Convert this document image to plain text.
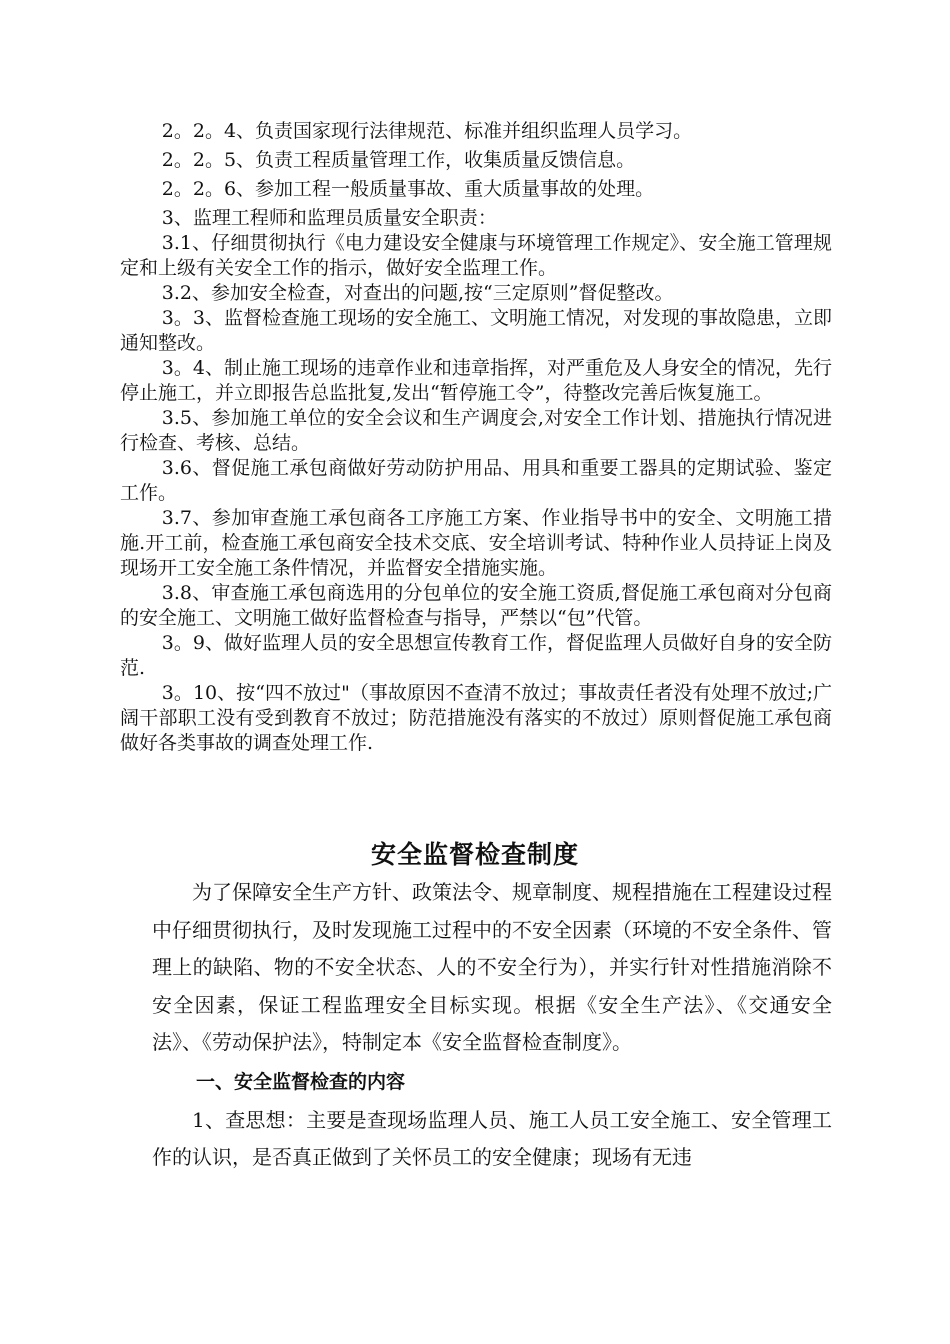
2。2。4、负责国家现行法律规范、标准并组织监理人员学习。

2。2。5、负责工程质量管理工作，收集质量反馈信息。

2。2。6、参加工程一般质量事故、重大质量事故的处理。

3、监理工程师和监理员质量安全职责：

3.1、仔细贯彻执行《电力建设安全健康与环境管理工作规定》、安全施工管理规定和上级有关安全工作的指示，做好安全监理工作。

3.2、参加安全检查，对查出的问题,按“三定原则”督促整改。

3。3、监督检查施工现场的安全施工、文明施工情况，对发现的事故隐患，立即通知整改。

3。4、制止施工现场的违章作业和违章指挥，对严重危及人身安全的情况，先行停止施工，并立即报告总监批复,发出“暂停施工令”，待整改完善后恢复施工。

3.5、参加施工单位的安全会议和生产调度会,对安全工作计划、措施执行情况进行检查、考核、总结。

3.6、督促施工承包商做好劳动防护用品、用具和重要工器具的定期试验、鉴定工作。

3.7、参加审查施工承包商各工序施工方案、作业指导书中的安全、文明施工措施.开工前，检查施工承包商安全技术交底、安全培训考试、特种作业人员持证上岗及现场开工安全施工条件情况，并监督安全措施实施。

3.8、审查施工承包商选用的分包单位的安全施工资质,督促施工承包商对分包商的安全施工、文明施工做好监督检查与指导，严禁以“包”代管。

3。9、做好监理人员的安全思想宣传教育工作，督促监理人员做好自身的安全防范.

3。10、按“四不放过"（事故原因不查清不放过；事故责任者没有处理不放过;广阔干部职工没有受到教育不放过；防范措施没有落实的不放过）原则督促施工承包商做好各类事故的调查处理工作.

安全监督检查制度

为了保障安全生产方针、政策法令、规章制度、规程措施在工程建设过程中仔细贯彻执行，及时发现施工过程中的不安全因素（环境的不安全条件、管理上的缺陷、物的不安全状态、人的不安全行为），并实行针对性措施消除不安全因素，保证工程监理安全目标实现。根据《安全生产法》、《交通安全法》、《劳动保护法》，特制定本《安全监督检查制度》。

一、安全监督检查的内容

1、查思想：主要是查现场监理人员、施工人员工安全施工、安全管理工作的认识，是否真正做到了关怀员工的安全健康；现场有无违
